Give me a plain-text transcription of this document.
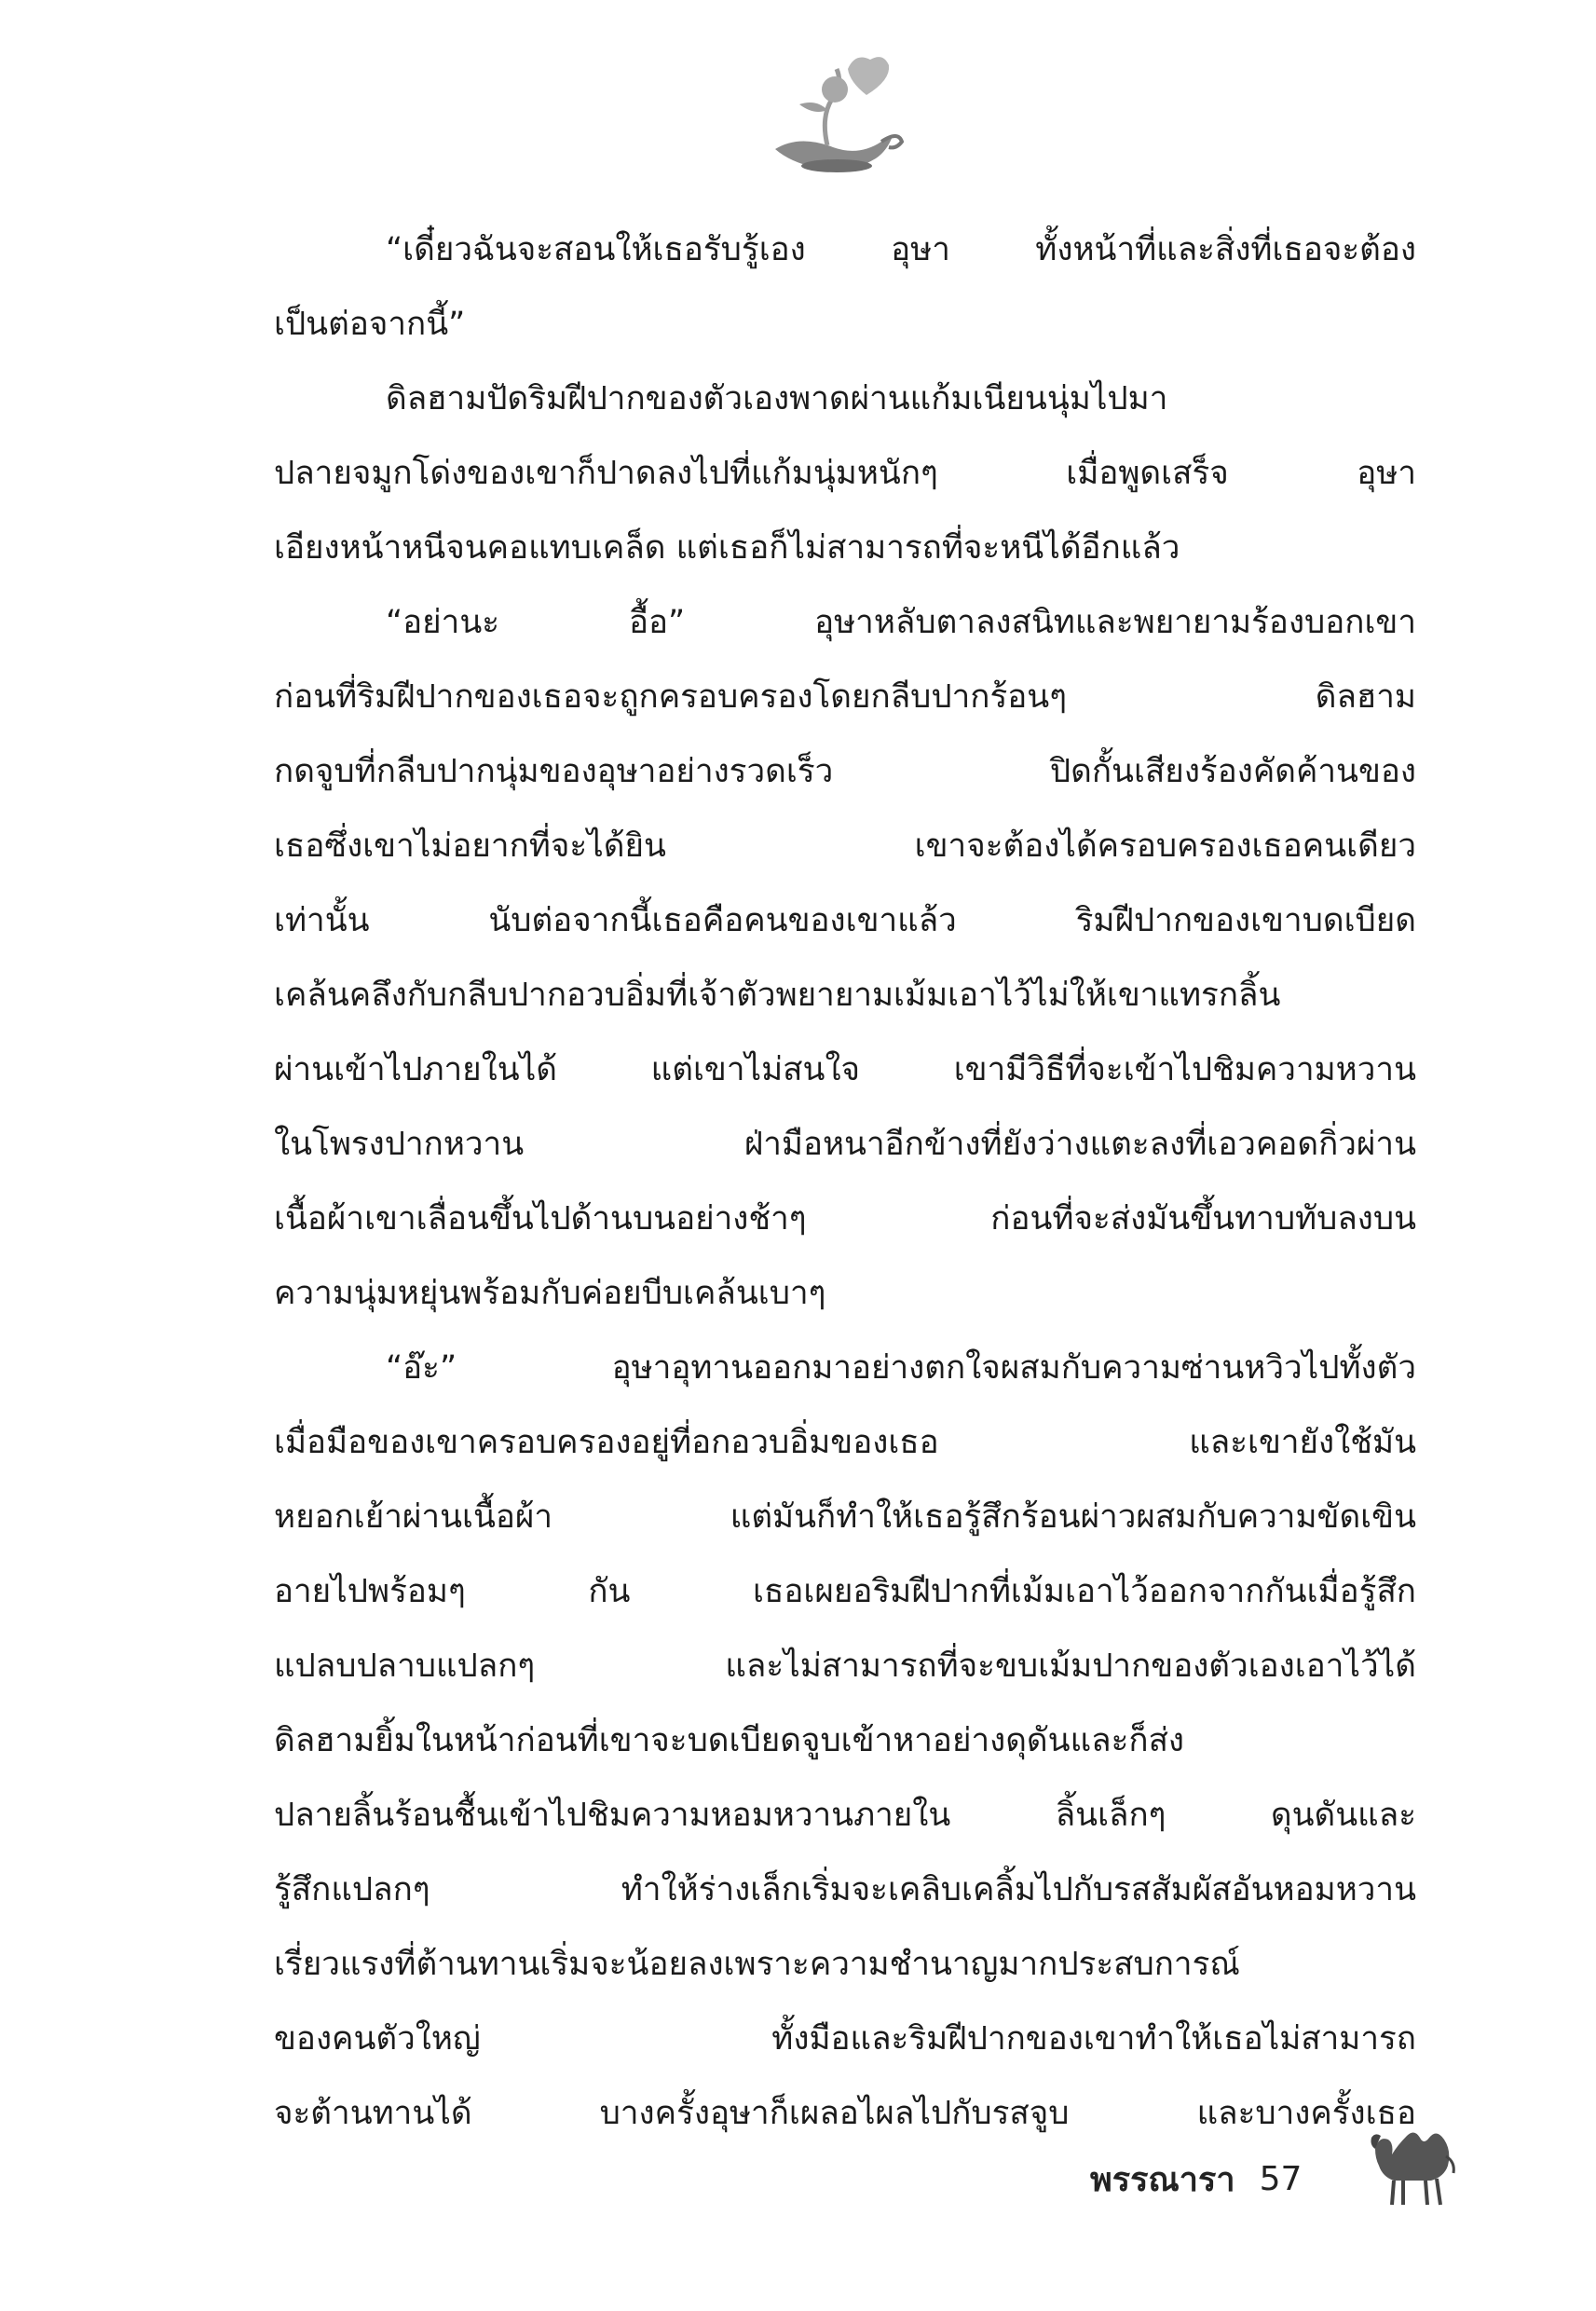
“เดี๋ยวฉันจะสอนให้เธอรับรู้เอง อุษา ทั้งหน้าที่และสิ่งที่เธอจะต้อง
เป็นต่อจากนี้”
ดิลฮามปัดริมฝีปากของตัวเองพาดผ่านแก้มเนียนนุ่มไปมา
ปลายจมูกโด่งของเขาก็ปาดลงไปที่แก้มนุ่มหนักๆ เมื่อพูดเสร็จ อุษา
เอียงหน้าหนีจนคอแทบเคล็ด แต่เธอก็ไม่สามารถที่จะหนีได้อีกแล้ว
“อย่านะ อื้อ” อุษาหลับตาลงสนิทและพยายามร้องบอกเขา
ก่อนที่ริมฝีปากของเธอจะถูกครอบครองโดยกลีบปากร้อนๆ ดิลฮาม
กดจูบที่กลีบปากนุ่มของอุษาอย่างรวดเร็ว ปิดกั้นเสียงร้องคัดค้านของ
เธอซึ่งเขาไม่อยากที่จะได้ยิน เขาจะต้องได้ครอบครองเธอคนเดียว
เท่านั้น นับต่อจากนี้เธอคือคนของเขาแล้ว ริมฝีปากของเขาบดเบียด
เคล้นคลึงกับกลีบปากอวบอิ่มที่เจ้าตัวพยายามเม้มเอาไว้ไม่ให้เขาแทรกลิ้น
ผ่านเข้าไปภายในได้ แต่เขาไม่สนใจ เขามีวิธีที่จะเข้าไปชิมความหวาน
ในโพรงปากหวาน ฝ่ามือหนาอีกข้างที่ยังว่างแตะลงที่เอวคอดกิ่วผ่าน
เนื้อผ้าเขาเลื่อนขึ้นไปด้านบนอย่างช้าๆ ก่อนที่จะส่งมันขึ้นทาบทับลงบน
ความนุ่มหยุ่นพร้อมกับค่อยบีบเคล้นเบาๆ
“อ๊ะ” อุษาอุทานออกมาอย่างตกใจผสมกับความซ่านหวิวไปทั้งตัว
เมื่อมือของเขาครอบครองอยู่ที่อกอวบอิ่มของเธอ และเขายังใช้มัน
หยอกเย้าผ่านเนื้อผ้า แต่มันก็ทำให้เธอรู้สึกร้อนผ่าวผสมกับความขัดเขิน
อายไปพร้อมๆ กัน เธอเผยอริมฝีปากที่เม้มเอาไว้ออกจากกันเมื่อรู้สึก
แปลบปลาบแปลกๆ และไม่สามารถที่จะขบเม้มปากของตัวเองเอาไว้ได้
ดิลฮามยิ้มในหน้าก่อนที่เขาจะบดเบียดจูบเข้าหาอย่างดุดันและก็ส่ง
ปลายลิ้นร้อนชื้นเข้าไปชิมความหอมหวานภายใน ลิ้นเล็กๆ ดุนดันและ
รู้สึกแปลกๆ ทำให้ร่างเล็กเริ่มจะเคลิบเคลิ้มไปกับรสสัมผัสอันหอมหวาน
เรี่ยวแรงที่ต้านทานเริ่มจะน้อยลงเพราะความชำนาญมากประสบการณ์
ของคนตัวใหญ่ ทั้งมือและริมฝีปากของเขาทำให้เธอไม่สามารถ
จะต้านทานได้ บางครั้งอุษาก็เผลอไผลไปกับรสจูบ และบางครั้งเธอ
พรรณารา 57
